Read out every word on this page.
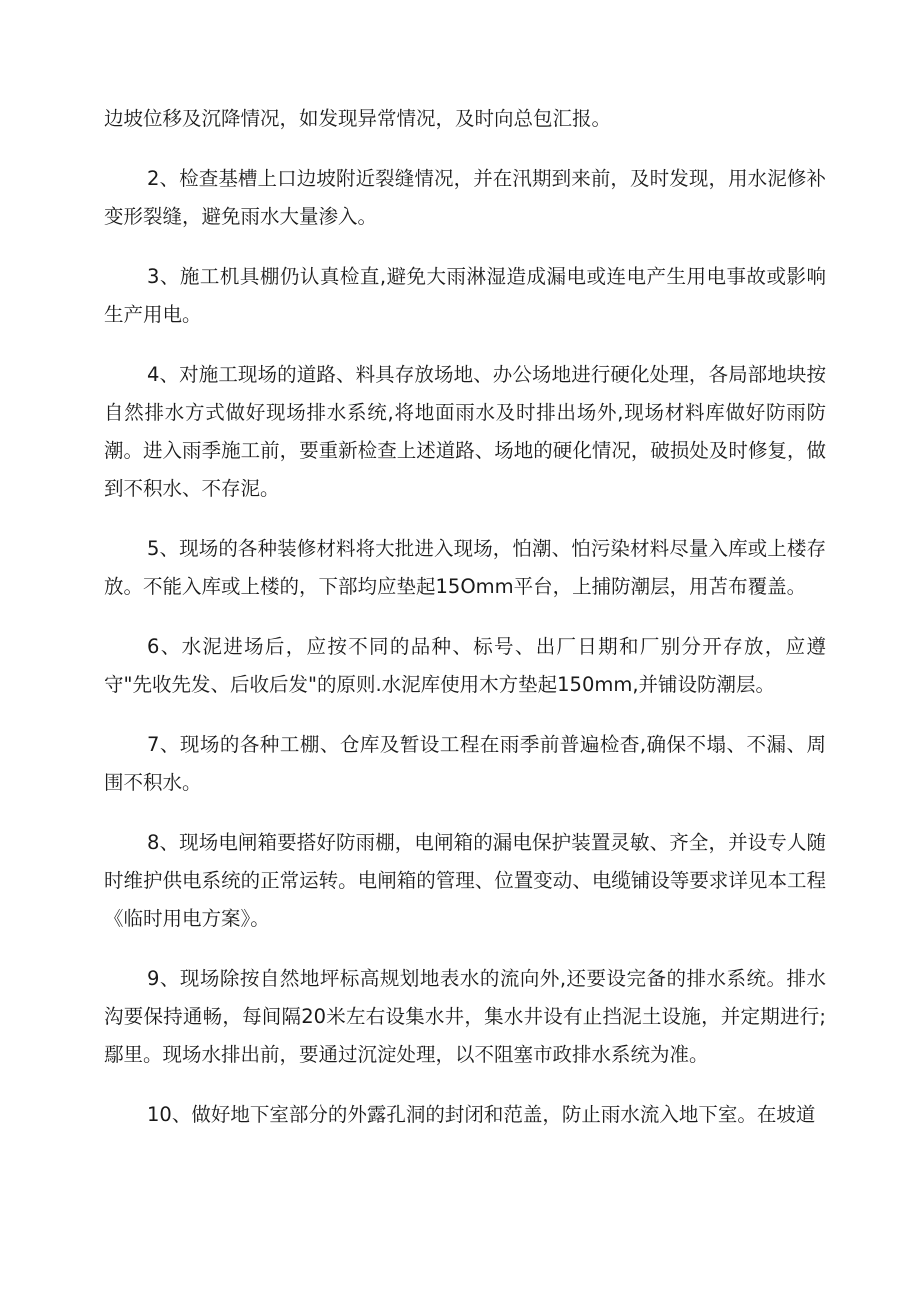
边坡位移及沉降情况，如发现异常情况，及时向总包汇报。

2、检查基槽上口边坡附近裂缝情况，并在汛期到来前，及时发现，用水泥修补变形裂缝，避免雨水大量渗入。

3、施工机具棚仍认真检直,避免大雨淋湿造成漏电或连电产生用电事故或影响生产用电。

4、对施工现场的道路、料具存放场地、办公场地进行硬化处理，各局部地块按自然排水方式做好现场排水系统,将地面雨水及时排出场外,现场材料库做好防雨防潮。进入雨季施工前，要重新检查上述道路、场地的硬化情况，破损处及时修复，做到不积水、不存泥。

5、现场的各种装修材料将大批进入现场，怕潮、怕污染材料尽量入库或上楼存放。不能入库或上楼的，下部均应垫起15Omm平台，上捕防潮层，用苫布覆盖。

6、水泥进场后，应按不同的品种、标号、出厂日期和厂别分开存放，应遵守"先收先发、后收后发"的原则.水泥库使用木方垫起150mm,并铺设防潮层。

7、现场的各种工棚、仓库及暂设工程在雨季前普遍检杳,确保不塌、不漏、周围不积水。

8、现场电闸箱要搭好防雨棚，电闸箱的漏电保护装置灵敏、齐全，并设专人随时维护供电系统的正常运转。电闸箱的管理、位置变动、电缆铺设等要求详见本工程《临时用电方案》。

9、现场除按自然地坪标高规划地表水的流向外,还要设完备的排水系统。排水沟要保持通畅，每间隔20米左右设集水井，集水井设有止挡泥土设施，并定期进行;鄢里。现场水排出前，要通过沉淀处理，以不阻塞市政排水系统为准。

10、做好地下室部分的外露孔洞的封闭和范盖，防止雨水流入地下室。在坡道
